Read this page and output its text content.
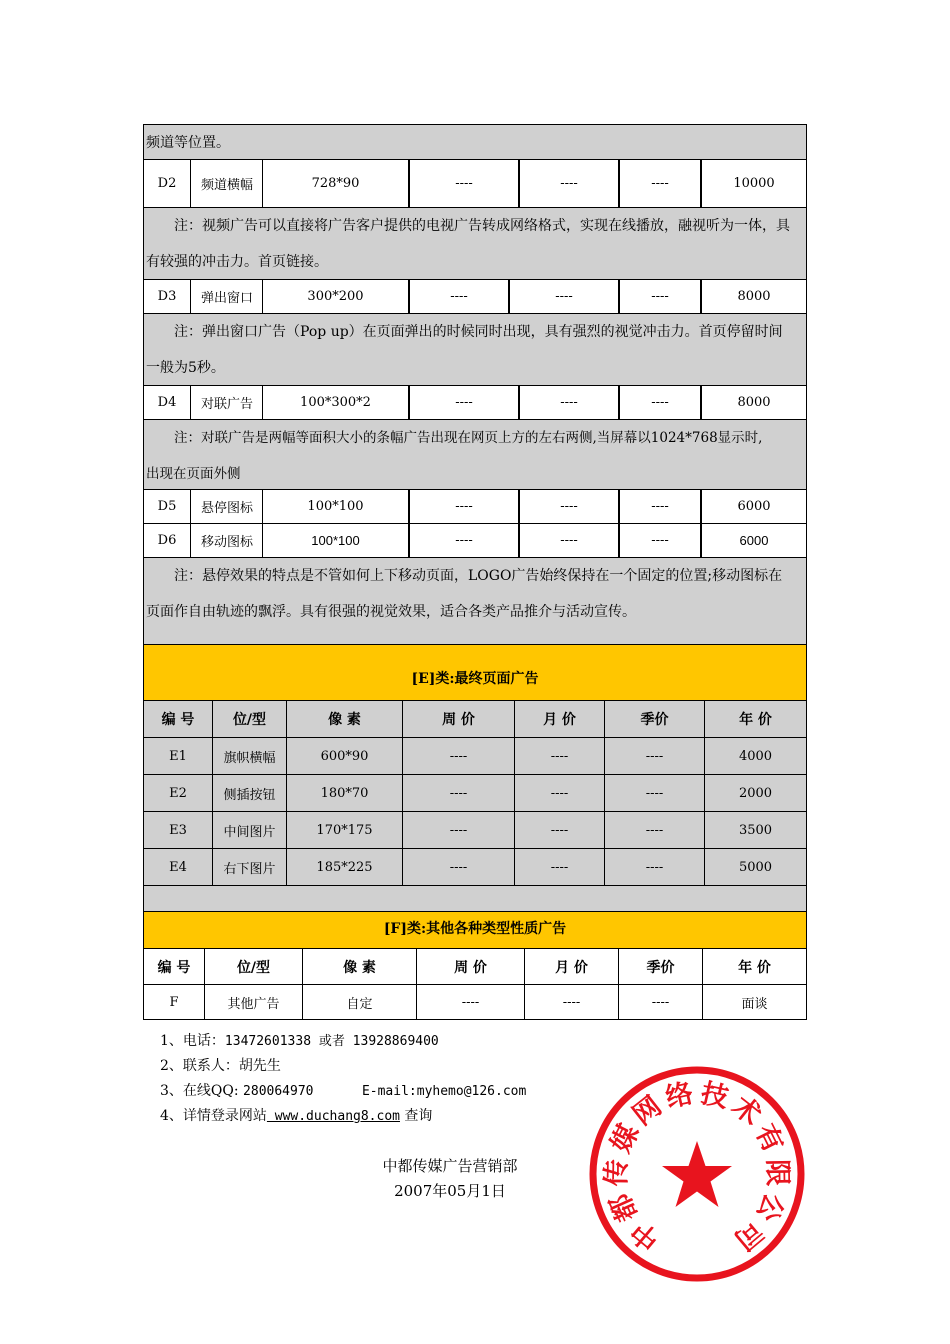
频道等位置。
D2	频道横幅	728*90	----	----	----	10000
注：视频广告可以直接将广告客户提供的电视广告转成网络格式，实现在线播放，融视听为一体，具
有较强的冲击力。首页链接。
D3	弹出窗口	300*200	----	----	----	8000
注：弹出窗口广告（Pop up）在页面弹出的时候同时出现，具有强烈的视觉冲击力。首页停留时间
一般为5秒。
D4	对联广告	100*300*2	----	----	----	8000
注：对联广告是两幅等面积大小的条幅广告出现在网页上方的左右两侧,当屏幕以1024*768显示时,
出现在页面外侧
D5	悬停图标	100*100	----	----	----	6000
D6	移动图标	100*100	----	----	----	6000
注：悬停效果的特点是不管如何上下移动页面，LOGO广告始终保持在一个固定的位置;移动图标在
页面作自由轨迹的飘浮。具有很强的视觉效果，适合各类产品推介与活动宣传。
[E]类:最终页面广告
编 号	位/型	像 素	周 价	月 价	季价	年 价
E1	旗帜横幅	600*90	----	----	----	4000
E2	侧插按钮	180*70	----	----	----	2000
E3	中间图片	170*175	----	----	----	3500
E4	右下图片	185*225	----	----	----	5000
[F]类:其他各种类型性质广告
编 号	位/型	像 素	周 价	月 价	季价	年 价
F	其他广告	自定	----	----	----	面谈
1、电话：13472601338 或者 13928869400
2、联系人：胡先生
3、在线QQ: 280064970	E-mail:myhemo@126.com
4、详情登录网站 www.duchang8.com 查询
中都传媒广告营销部
2007年05月1日
中
都
传
媒
网
络 技
术
有
限
公
司
